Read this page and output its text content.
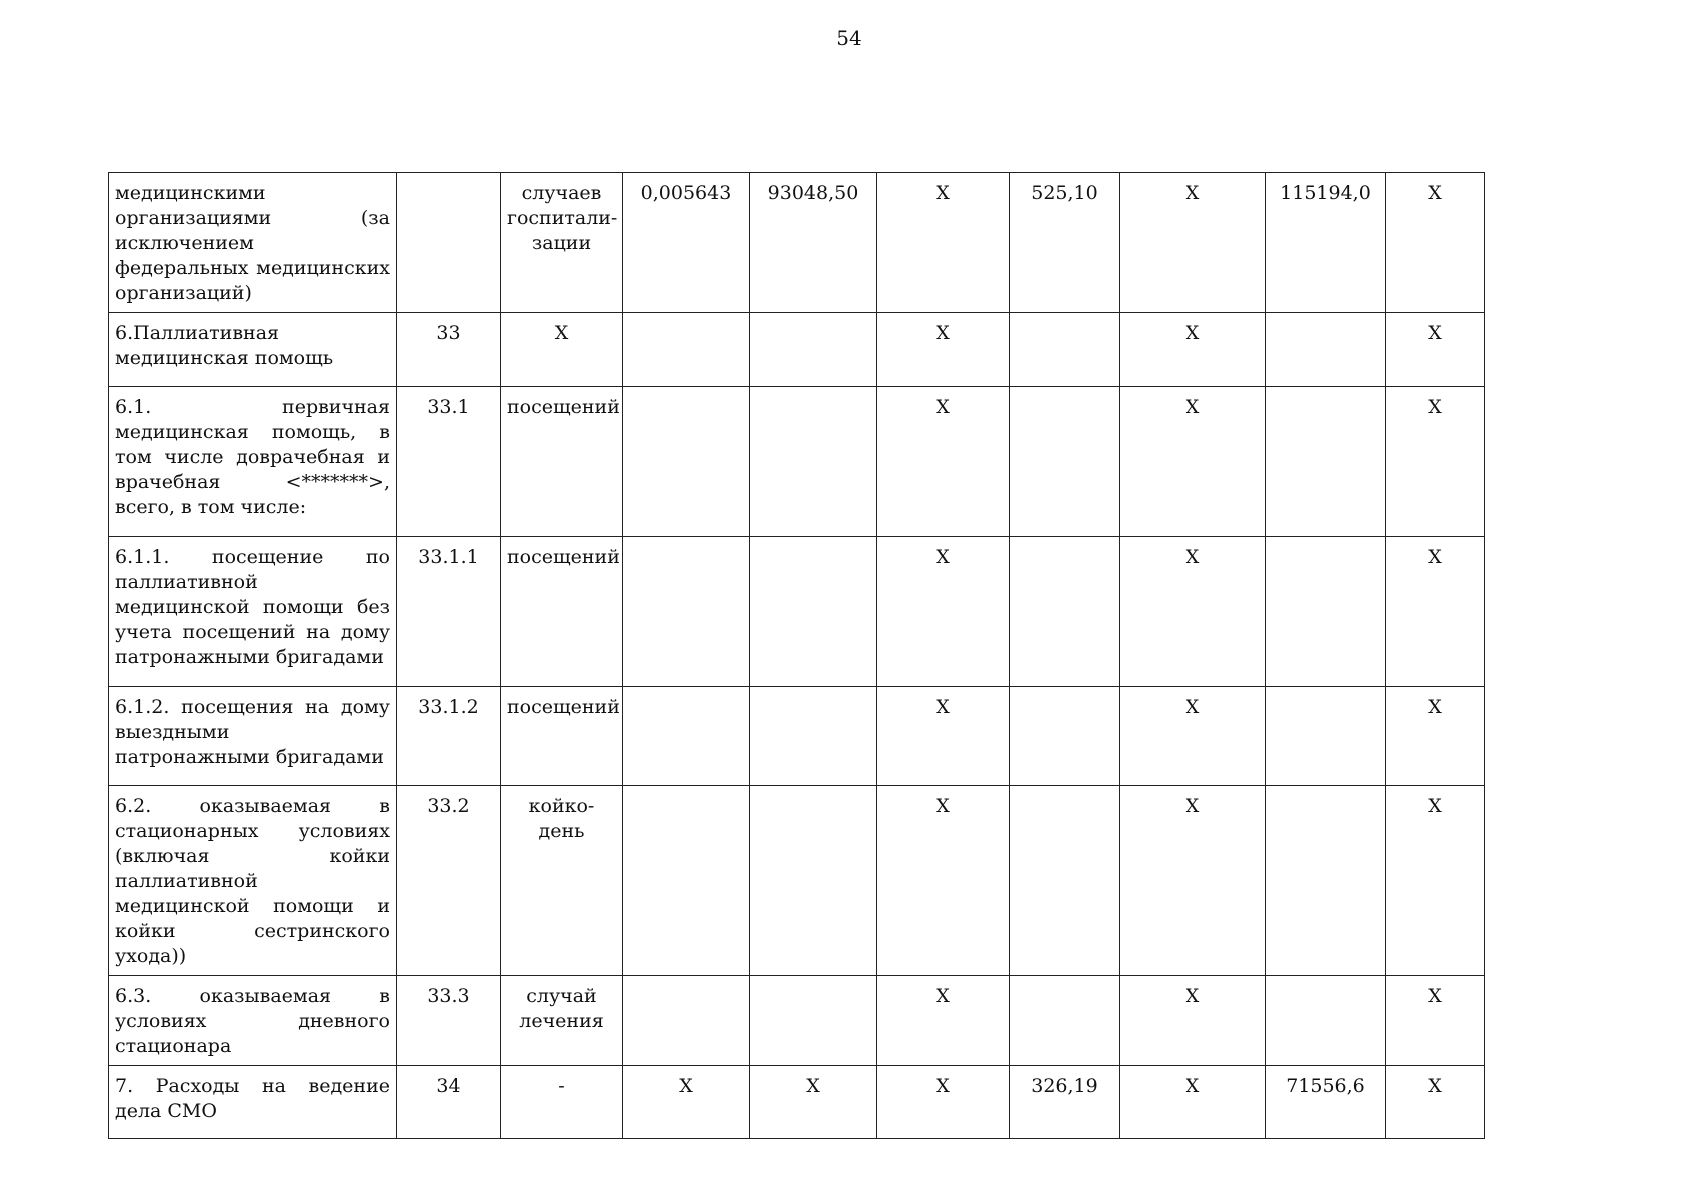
54
медицинскими организациями (за исключением федеральных медицинских организаций)		случаев госпитали-зации	0,005643	93048,50	X	525,10	X	115194,0	X
6.Паллиативная медицинская помощь	33	X			X		X		X
6.1. первичная медицинская помощь, в том числе доврачебная и врачебная <*******>, всего, в том числе:	33.1	посещений			X		X		X
6.1.1. посещение по паллиативной медицинской помощи без учета посещений на дому патронажными бригадами	33.1.1	посещений			X		X		X
6.1.2. посещения на дому выездными патронажными бригадами	33.1.2	посещений			X		X		X
6.2. оказываемая в стационарных условиях (включая койки паллиативной медицинской помощи и койки сестринского ухода))	33.2	койко-день			X		X		X
6.3. оказываемая в условиях дневного стационара	33.3	случай лечения			X		X		X
7. Расходы на ведение дела СМО	34	-	X	X	X	326,19	X	71556,6	X
